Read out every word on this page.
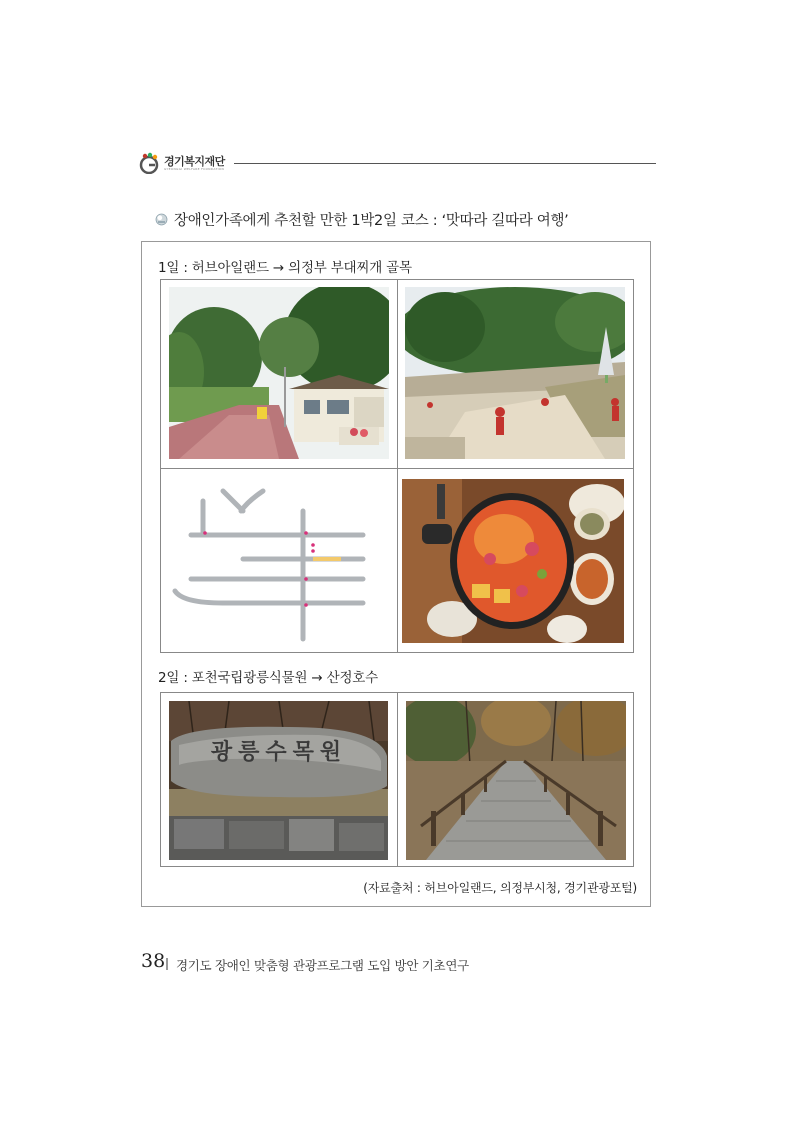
경기복지재단
GYEONGGI WELFARE FOUNDATION
장애인가족에게 추천할 만한 1박2일 코스 : ‘맛따라 길따라 여행’
1일 : 허브아일랜드 → 의정부 부대찌개 골목
2일 : 포천국립광릉식물원 → 산정호수
광릉수목원
(자료출처 : 허브아일랜드, 의정부시청, 경기관광포털)
38 경기도 장애인 맞춤형 관광프로그램 도입 방안 기초연구
